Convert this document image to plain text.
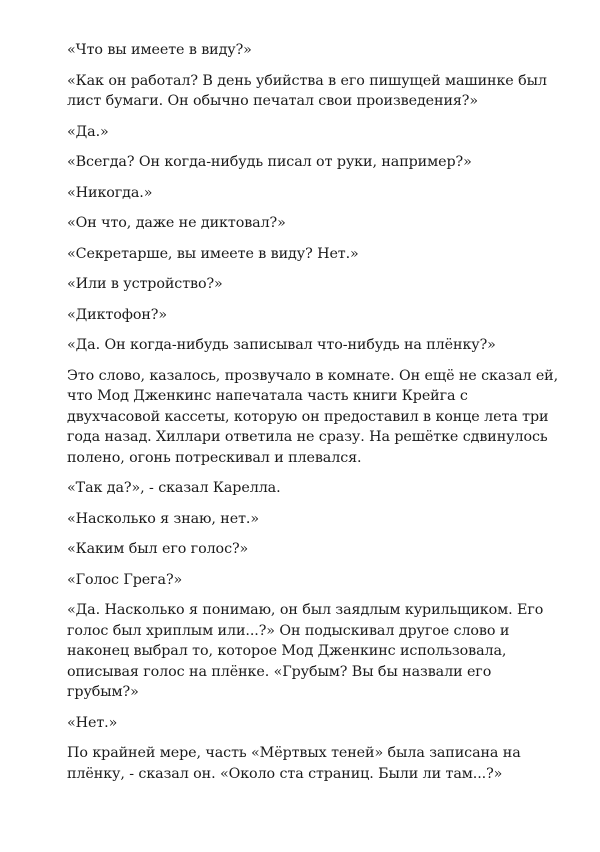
«Что вы имеете в виду?»

«Как он работал? В день убийства в его пишущей машинке был
лист бумаги. Он обычно печатал свои произведения?»

«Да.»

«Всегда? Он когда-нибудь писал от руки, например?»

«Никогда.»

«Он что, даже не диктовал?»

«Секретарше, вы имеете в виду? Нет.»

«Или в устройство?»

«Диктофон?»

«Да. Он когда-нибудь записывал что-нибудь на плёнку?»

Это слово, казалось, прозвучало в комнате. Он ещё не сказал ей,
что Мод Дженкинс напечатала часть книги Крейга с
двухчасовой кассеты, которую он предоставил в конце лета три
года назад. Хиллари ответила не сразу. На решётке сдвинулось
полено, огонь потрескивал и плевался.

«Так да?», - сказал Карелла.

«Насколько я знаю, нет.»

«Каким был его голос?»

«Голос Грега?»

«Да. Насколько я понимаю, он был заядлым курильщиком. Его
голос был хриплым или...?» Он подыскивал другое слово и
наконец выбрал то, которое Мод Дженкинс использовала,
описывая голос на плёнке. «Грубым? Вы бы назвали его
грубым?»

«Нет.»

По крайней мере, часть «Мёртвых теней» была записана на
плёнку, - сказал он. «Около ста страниц. Были ли там...?»
